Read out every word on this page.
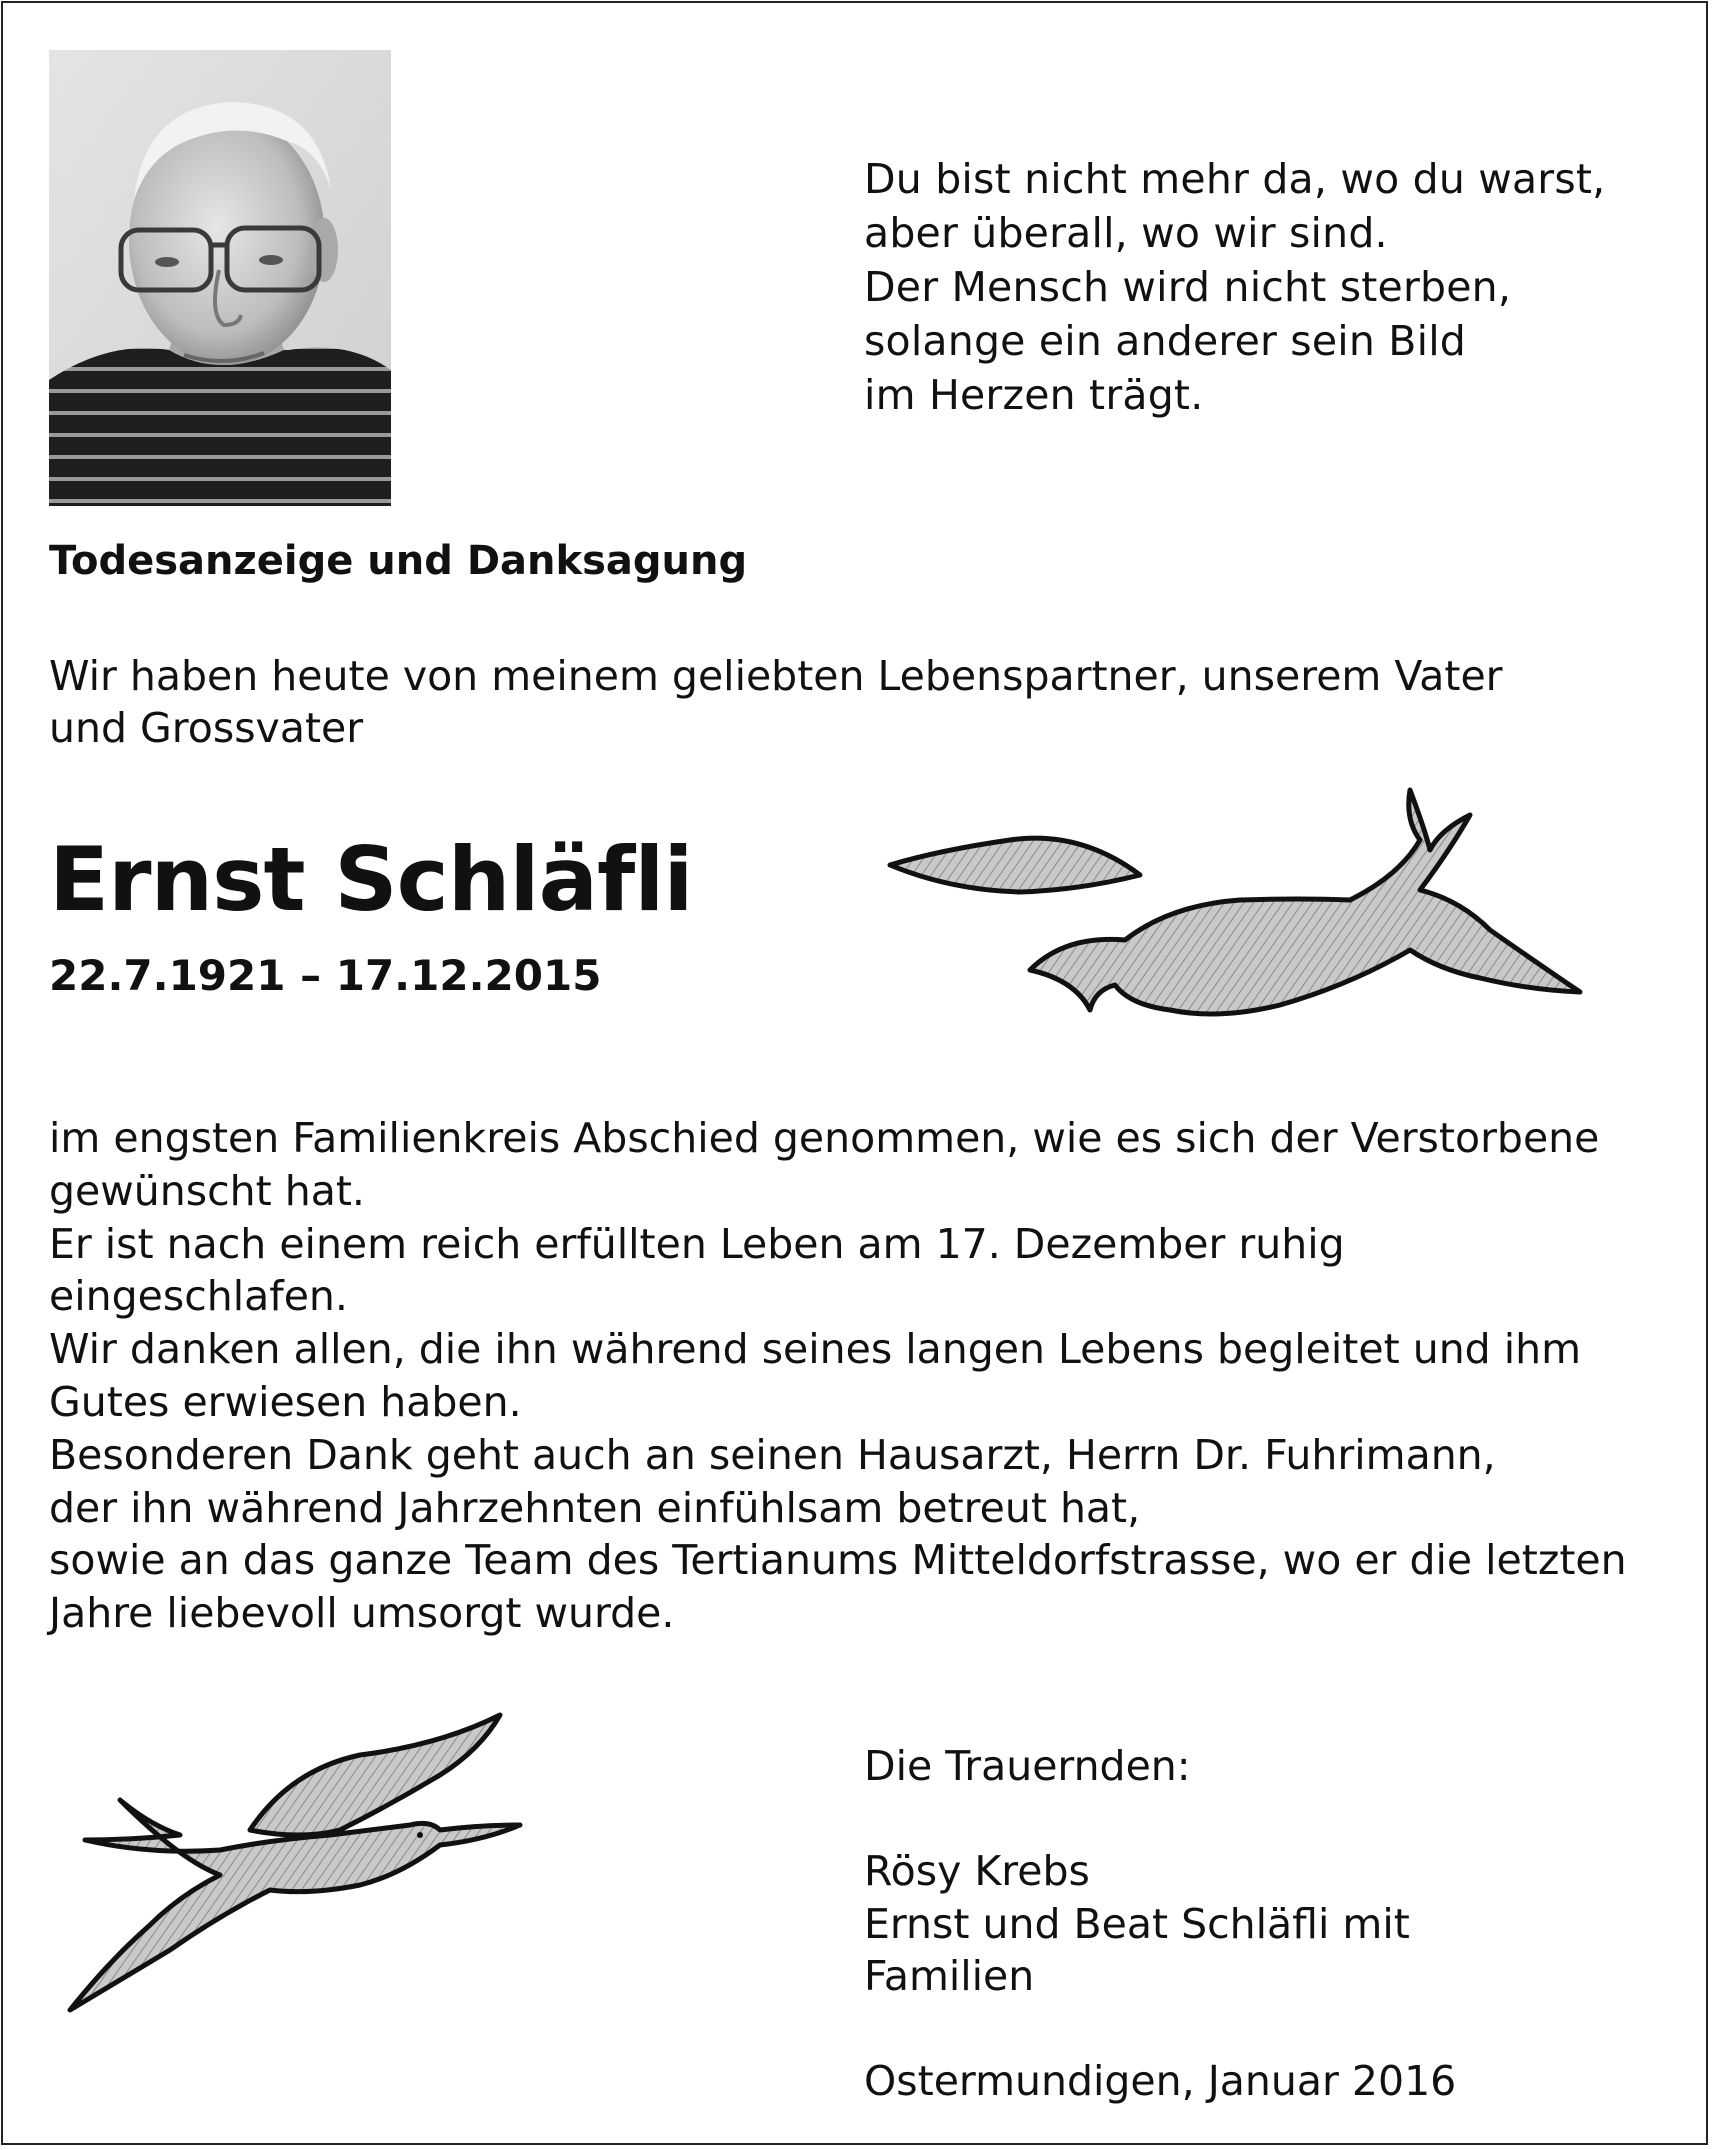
Du bist nicht mehr da, wo du warst,
aber überall, wo wir sind.
Der Mensch wird nicht sterben,
solange ein anderer sein Bild
im Herzen trägt.
Todesanzeige und Danksagung
Wir haben heute von meinem geliebten Lebenspartner, unserem Vater
und Grossvater
Ernst Schläfli
22.7.1921 – 17.12.2015
im engsten Familienkreis Abschied genommen, wie es sich der Verstorbene
gewünscht hat.
Er ist nach einem reich erfüllten Leben am 17. Dezember ruhig
eingeschlafen.
Wir danken allen, die ihn während seines langen Lebens begleitet und ihm
Gutes erwiesen haben.
Besonderen Dank geht auch an seinen Hausarzt, Herrn Dr. Fuhrimann,
der ihn während Jahrzehnten einfühlsam betreut hat,
sowie an das ganze Team des Tertianums Mitteldorfstrasse, wo er die letzten
Jahre liebevoll umsorgt wurde.
Die Trauernden:
Rösy Krebs
Ernst und Beat Schläfli mit
Familien
Ostermundigen, Januar 2016
